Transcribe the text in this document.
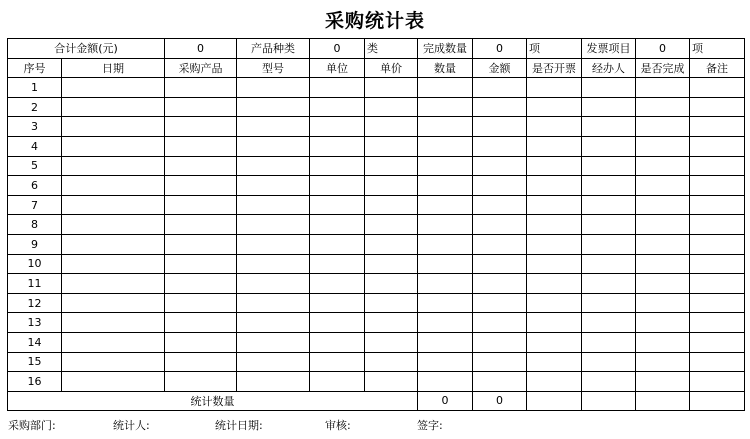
采购统计表
合计金额(元)		0	产品种类	0	类	完成数量	0	项	发票项目	0	项
序号	日期	采购产品	型号	单位	单价	数量	金额	是否开票	经办人	是否完成	备注
1											
2											
3											
4											
5											
6											
7											
8											
9											
10											
11											
12											
13											
14											
15											
16											
统计数量						0	0				
采购部门:	统计人:	统计日期:	审核:	签字:
